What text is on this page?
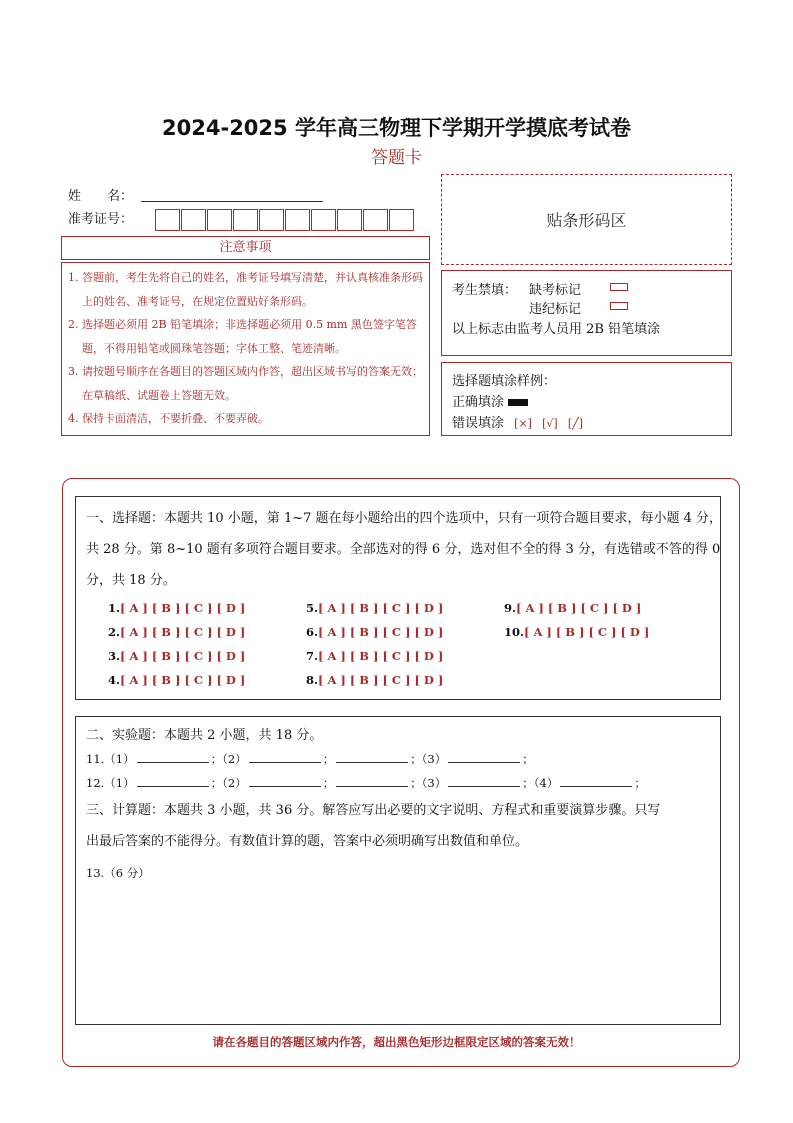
2024-2025 学年高三物理下学期开学摸底考试卷
答题卡
姓　　名：
准考证号：	贴条形码区
注意事项
1. 答题前，考生先将自己的姓名，准考证号填写清楚，并认真核准条形码上的姓名、准考证号，在规定位置贴好条形码。
2. 选择题必须用 2B 铅笔填涂；非选择题必须用 0.5 mm 黑色签字笔答题，不得用铅笔或圆珠笔答题；字体工整、笔迹清晰。
3. 请按题号顺序在各题目的答题区域内作答，超出区域书写的答案无效；在草稿纸、试题卷上答题无效。
4. 保持卡面清洁，不要折叠、不要弄破。
考生禁填： 缺考标记
违纪标记
以上标志由监考人员用 2B 铅笔填涂
选择题填涂样例：
正确填涂
错误填涂 [×] [√] [╱]
一、选择题：本题共 10 小题，第 1~7 题在每小题给出的四个选项中，只有一项符合题目要求，每小题 4 分，
共 28 分。第 8~10 题有多项符合题目要求。全部选对的得 6 分，选对但不全的得 3 分，有选错或不答的得 0
分，共 18 分。
1.[ A ] [ B ] [ C ] [ D ]
2.[ A ] [ B ] [ C ] [ D ]
3.[ A ] [ B ] [ C ] [ D ]
4.[ A ] [ B ] [ C ] [ D ]
5.[ A ] [ B ] [ C ] [ D ]
6.[ A ] [ B ] [ C ] [ D ]
7.[ A ] [ B ] [ C ] [ D ]
8.[ A ] [ B ] [ C ] [ D ]
9.[ A ] [ B ] [ C ] [ D ]
10.[ A ] [ B ] [ C ] [ D ]
二、实验题：本题共 2 小题，共 18 分。
11.（1）	；（2）	；	；（3）	；
12.（1）	；（2）	；	；（3）	；（4）	；
三、计算题：本题共 3 小题，共 36 分。解答应写出必要的文字说明、方程式和重要演算步骤。只写
出最后答案的不能得分。有数值计算的题，答案中必须明确写出数值和单位。
13.（6 分）
请在各题目的答题区域内作答，超出黑色矩形边框限定区域的答案无效！
